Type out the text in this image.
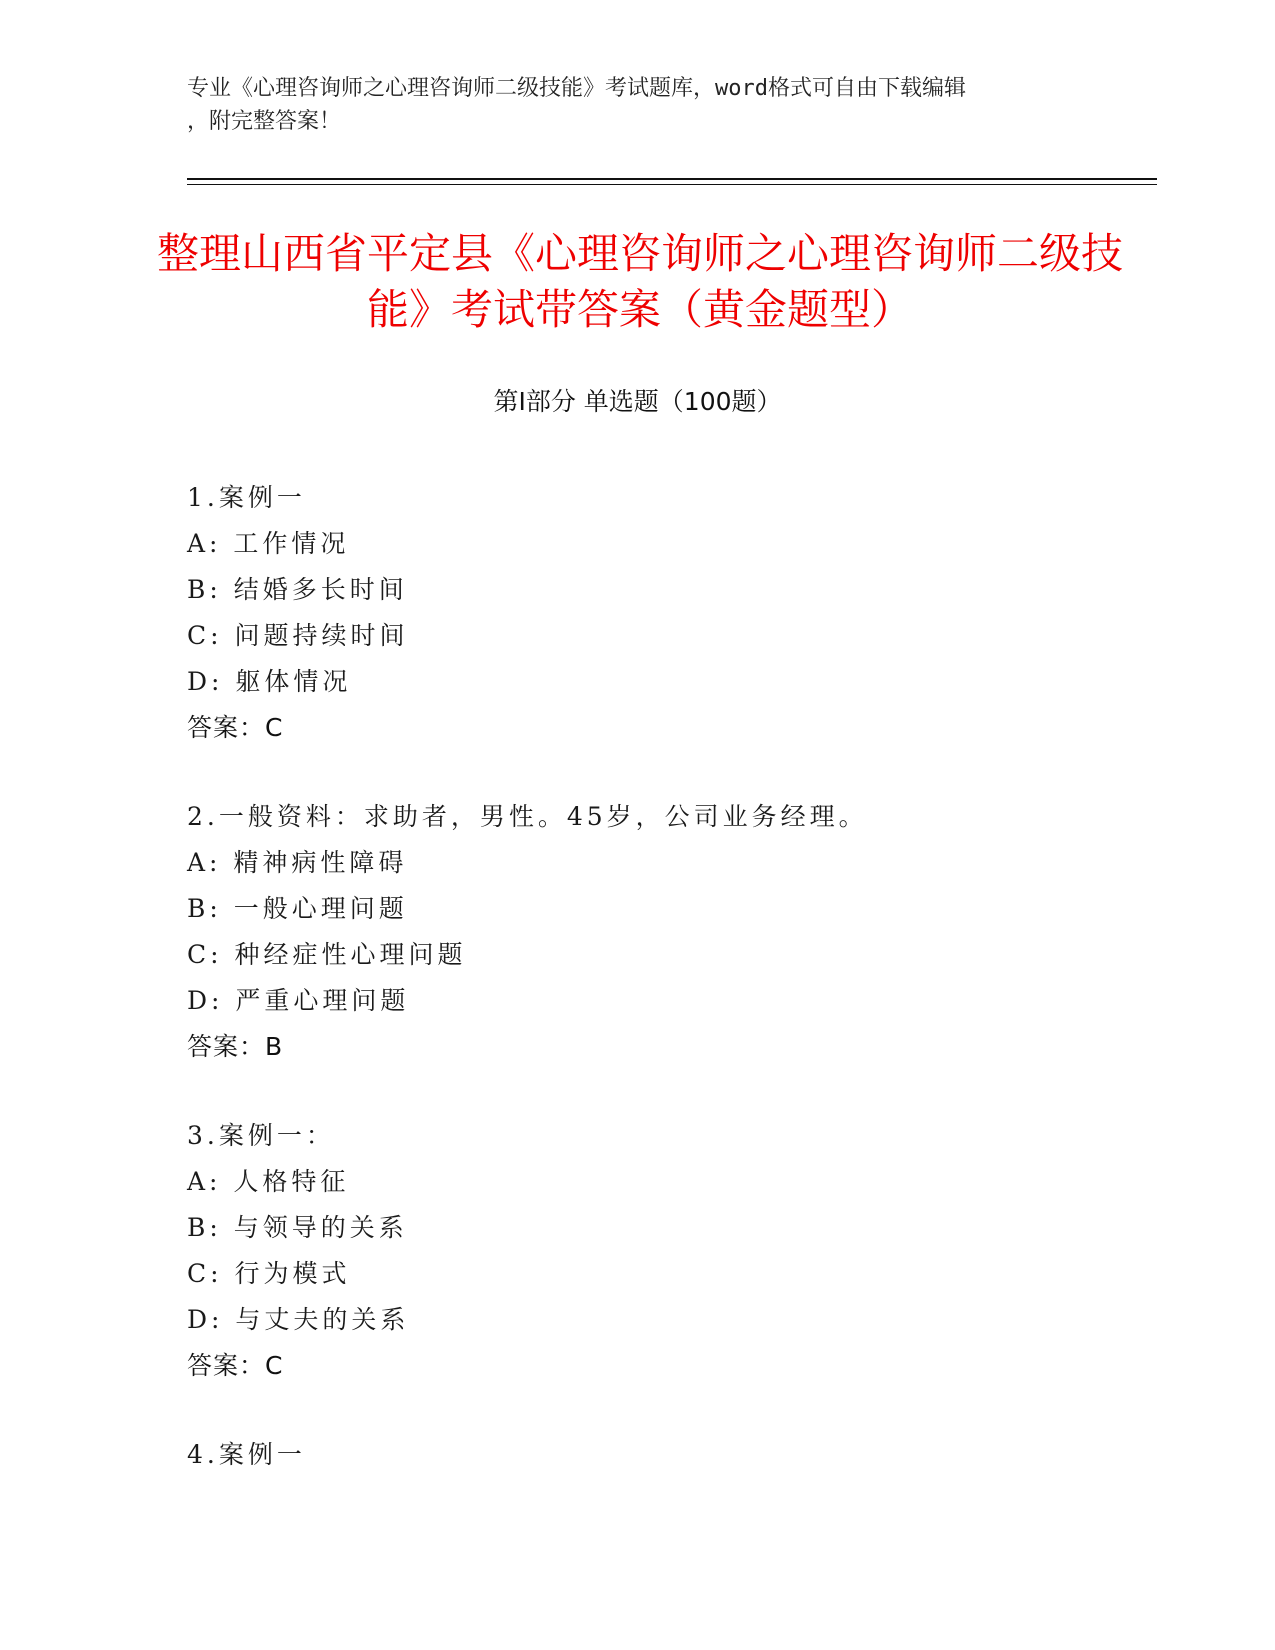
专业《心理咨询师之心理咨询师二级技能》考试题库，word格式可自由下载编辑
，附完整答案！
整理山西省平定县《心理咨询师之心理咨询师二级技能》考试带答案（黄金题型）
第Ⅰ部分 单选题（100题）
1.案例一
A: 工作情况
B: 结婚多长时间
C: 问题持续时间
D: 躯体情况
答案：C
2.一般资料：求助者，男性。45岁，公司业务经理。
A: 精神病性障碍
B: 一般心理问题
C: 种经症性心理问题
D: 严重心理问题
答案：B
3.案例一：
A: 人格特征
B: 与领导的关系
C: 行为模式
D: 与丈夫的关系
答案：C
4.案例一
